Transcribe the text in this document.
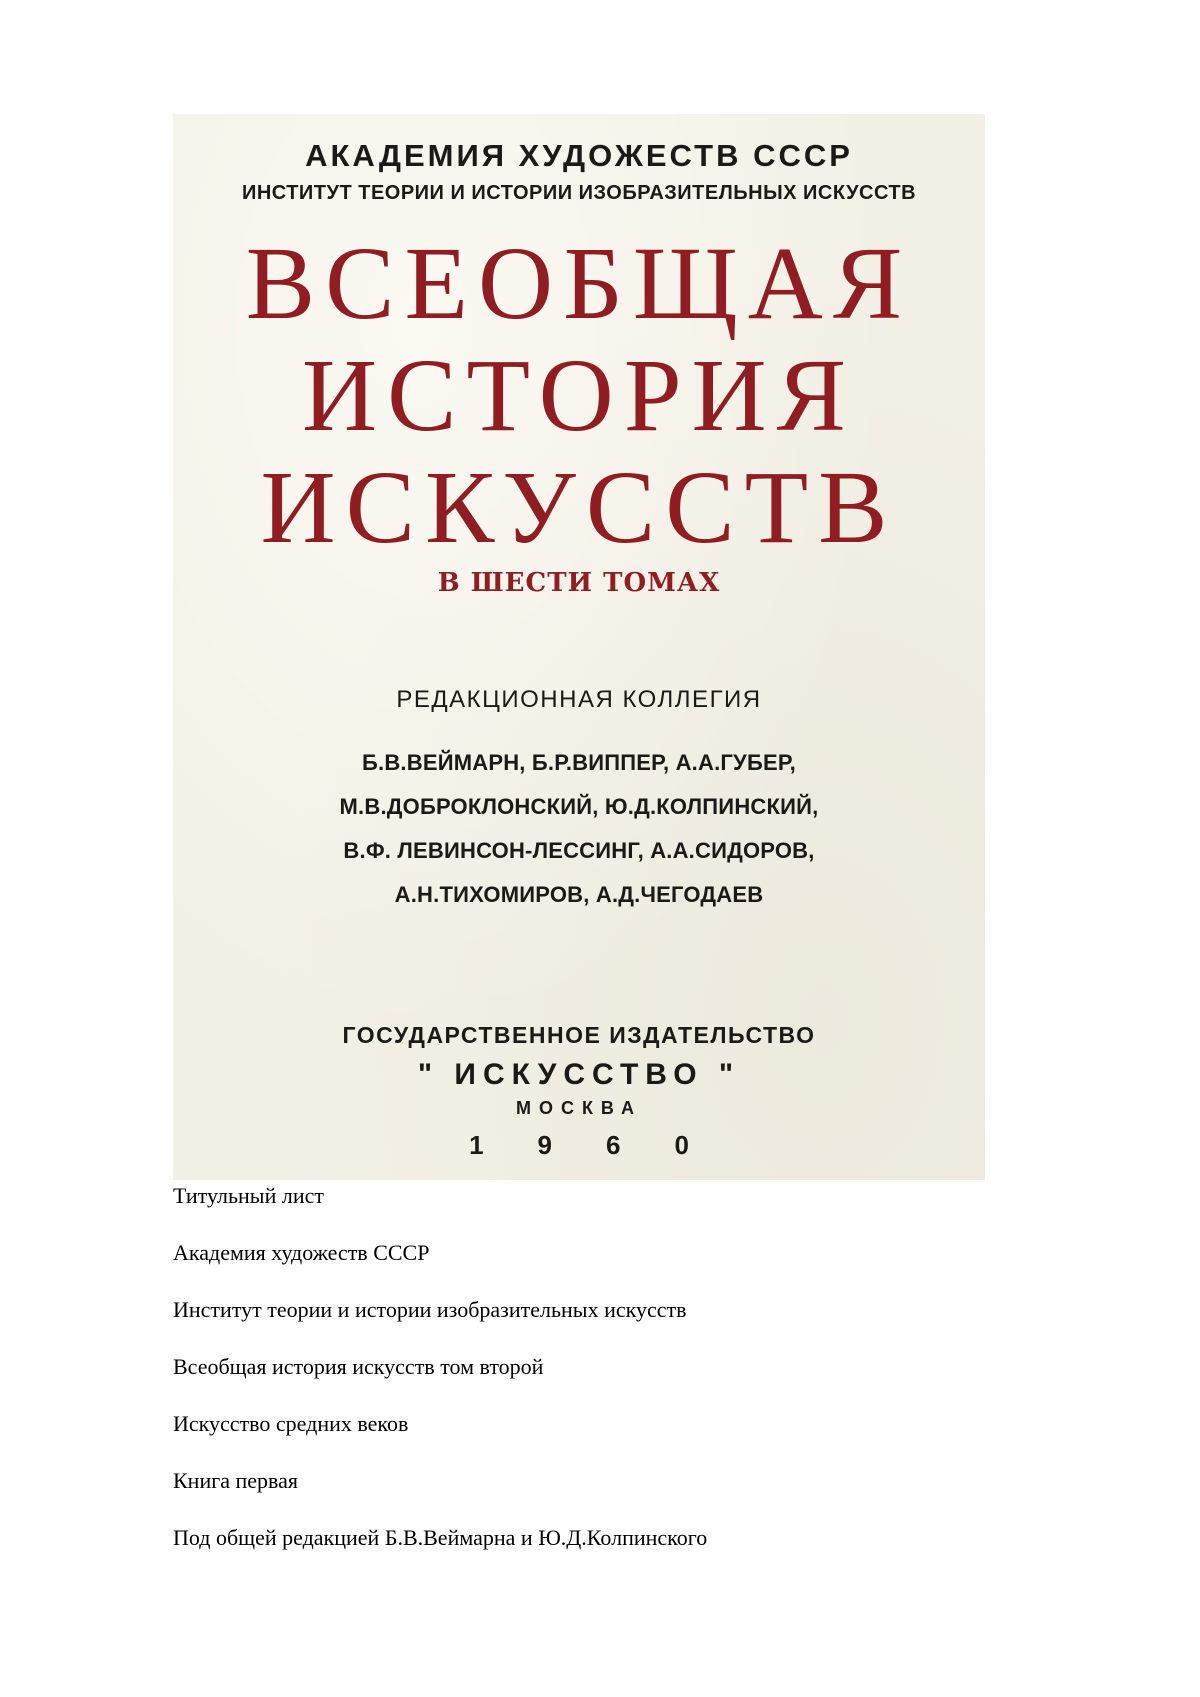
АКАДЕМИЯ ХУДОЖЕСТВ СССР
ИНСТИТУТ ТЕОРИИ И ИСТОРИИ ИЗОБРАЗИТЕЛЬНЫХ ИСКУССТВ
ВСЕОБЩАЯ
ИСТОРИЯ
ИСКУССТВ
В ШЕСТИ ТОМАХ
РЕДАКЦИОННАЯ КОЛЛЕГИЯ
Б.В.ВЕЙМАРН, Б.Р.ВИППЕР, А.А.ГУБЕР,
М.В.ДОБРОКЛОНСКИЙ, Ю.Д.КОЛПИНСКИЙ,
В.Ф. ЛЕВИНСОН-ЛЕССИНГ, А.А.СИДОРОВ,
А.Н.ТИХОМИРОВ, А.Д.ЧЕГОДАЕВ
ГОСУДАРСТВЕННОЕ ИЗДАТЕЛЬСТВО
" ИСКУССТВО "
МОСКВА
1960
Титульный лист
Академия художеств СССР
Институт теории и истории изобразительных искусств
Всеобщая история искусств том второй
Искусство средних веков
Книга первая
Под общей редакцией Б.В.Веймарна и Ю.Д.Колпинского
